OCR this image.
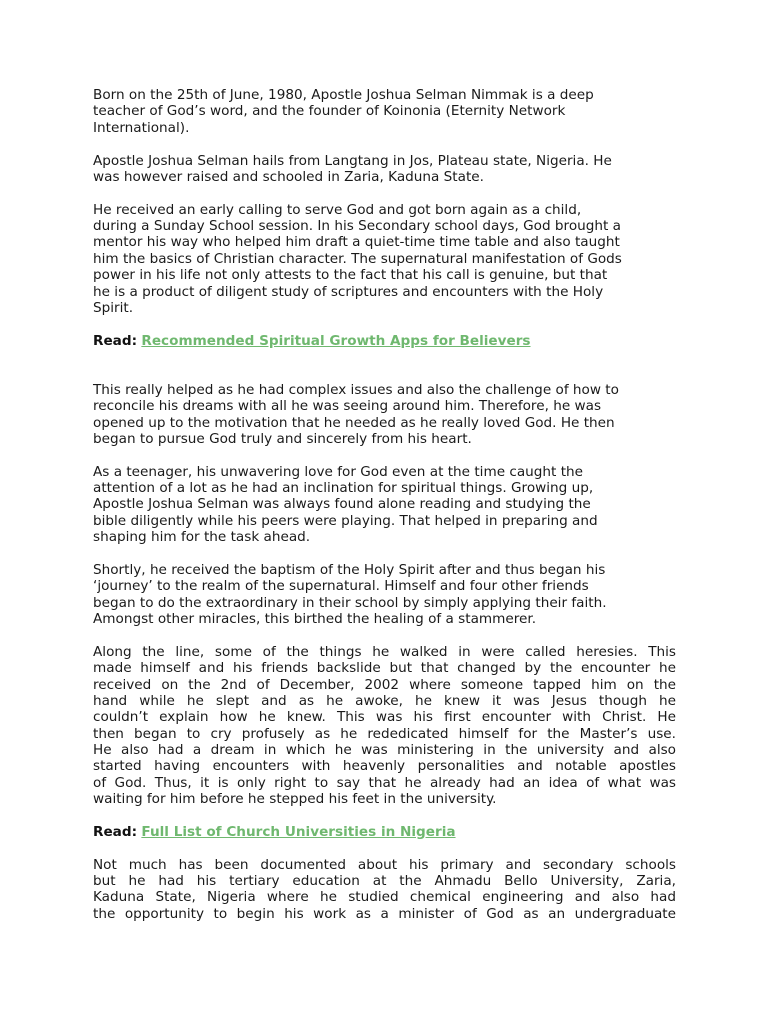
Born on the 25th of June, 1980, Apostle Joshua Selman Nimmak is a deep
teacher of God’s word, and the founder of Koinonia (Eternity Network
International).
Apostle Joshua Selman hails from Langtang in Jos, Plateau state, Nigeria. He
was however raised and schooled in Zaria, Kaduna State.
He received an early calling to serve God and got born again as a child,
during a Sunday School session. In his Secondary school days, God brought a
mentor his way who helped him draft a quiet-time time table and also taught
him the basics of Christian character. The supernatural manifestation of Gods
power in his life not only attests to the fact that his call is genuine, but that
he is a product of diligent study of scriptures and encounters with the Holy
Spirit.
Read: Recommended Spiritual Growth Apps for Believers
This really helped as he had complex issues and also the challenge of how to
reconcile his dreams with all he was seeing around him. Therefore, he was
opened up to the motivation that he needed as he really loved God. He then
began to pursue God truly and sincerely from his heart.
As a teenager, his unwavering love for God even at the time caught the
attention of a lot as he had an inclination for spiritual things. Growing up,
Apostle Joshua Selman was always found alone reading and studying the
bible diligently while his peers were playing. That helped in preparing and
shaping him for the task ahead.
Shortly, he received the baptism of the Holy Spirit after and thus began his
‘journey’ to the realm of the supernatural. Himself and four other friends
began to do the extraordinary in their school by simply applying their faith.
Amongst other miracles, this birthed the healing of a stammerer.
Along the line, some of the things he walked in were called heresies. This
made himself and his friends backslide but that changed by the encounter he
received on the 2nd of December, 2002 where someone tapped him on the
hand while he slept and as he awoke, he knew it was Jesus though he
couldn’t explain how he knew. This was his first encounter with Christ. He
then began to cry profusely as he rededicated himself for the Master’s use.
He also had a dream in which he was ministering in the university and also
started having encounters with heavenly personalities and notable apostles
of God. Thus, it is only right to say that he already had an idea of what was
waiting for him before he stepped his feet in the university.
Read: Full List of Church Universities in Nigeria
Not much has been documented about his primary and secondary schools
but he had his tertiary education at the Ahmadu Bello University, Zaria,
Kaduna State, Nigeria where he studied chemical engineering and also had
the opportunity to begin his work as a minister of God as an undergraduate
